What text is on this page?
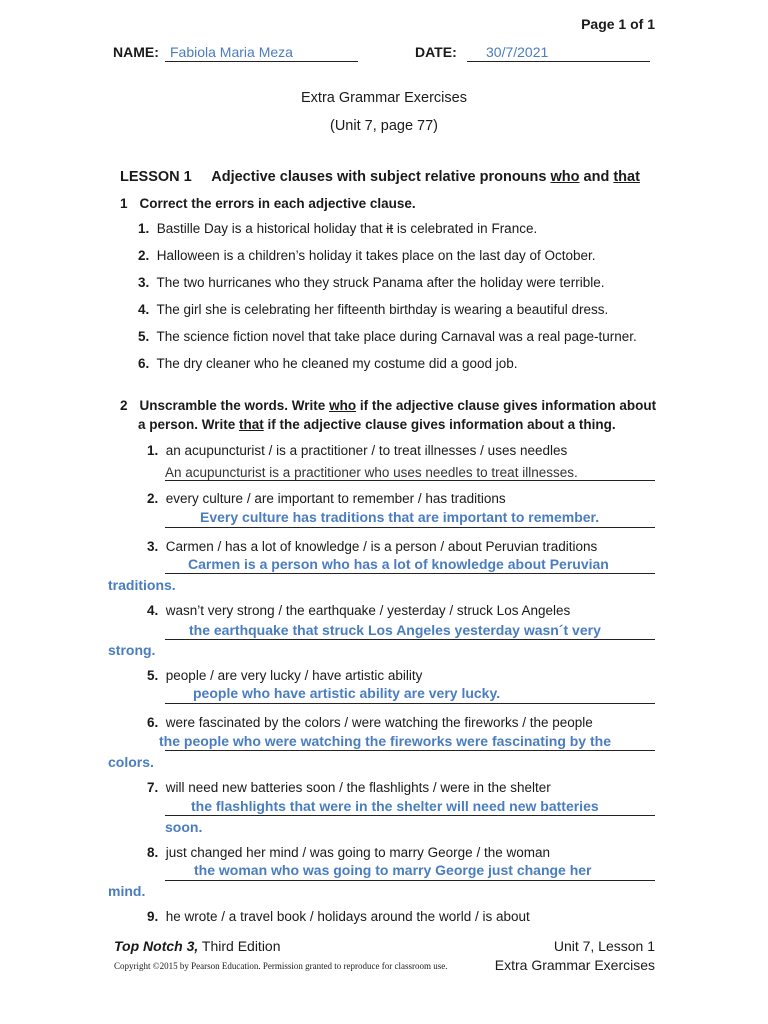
Page 1 of 1
NAME: Fabiola Maria Meza	DATE: 30/7/2021
Extra Grammar Exercises
(Unit 7, page 77)
LESSON 1 Adjective clauses with subject relative pronouns who and that
1 Correct the errors in each adjective clause.
1. Bastille Day is a historical holiday that it is celebrated in France.
2. Halloween is a children’s holiday it takes place on the last day of October.
3. The two hurricanes who they struck Panama after the holiday were terrible.
4. The girl she is celebrating her fifteenth birthday is wearing a beautiful dress.
5. The science fiction novel that take place during Carnaval was a real page-turner.
6. The dry cleaner who he cleaned my costume did a good job.
2 Unscramble the words. Write who if the adjective clause gives information about
a person. Write that if the adjective clause gives information about a thing.
1. an acupuncturist / is a practitioner / to treat illnesses / uses needles
An acupuncturist is a practitioner who uses needles to treat illnesses.
2. every culture / are important to remember / has traditions
Every culture has traditions that are important to remember.
3. Carmen / has a lot of knowledge / is a person / about Peruvian traditions
Carmen is a person who has a lot of knowledge about Peruvian
traditions.
4. wasn’t very strong / the earthquake / yesterday / struck Los Angeles
the earthquake that struck Los Angeles yesterday wasn´t very
strong.
5. people / are very lucky / have artistic ability
people who have artistic ability are very lucky.
6. were fascinated by the colors / were watching the fireworks / the people
the people who were watching the fireworks were fascinating by the
colors.
7. will need new batteries soon / the flashlights / were in the shelter
the flashlights that were in the shelter will need new batteries
soon.
8. just changed her mind / was going to marry George / the woman
the woman who was going to marry George just change her
mind.
9. he wrote / a travel book / holidays around the world / is about
Top Notch 3, Third Edition	Unit 7, Lesson 1
Copyright ©2015 by Pearson Education. Permission granted to reproduce for classroom use.	Extra Grammar Exercises
